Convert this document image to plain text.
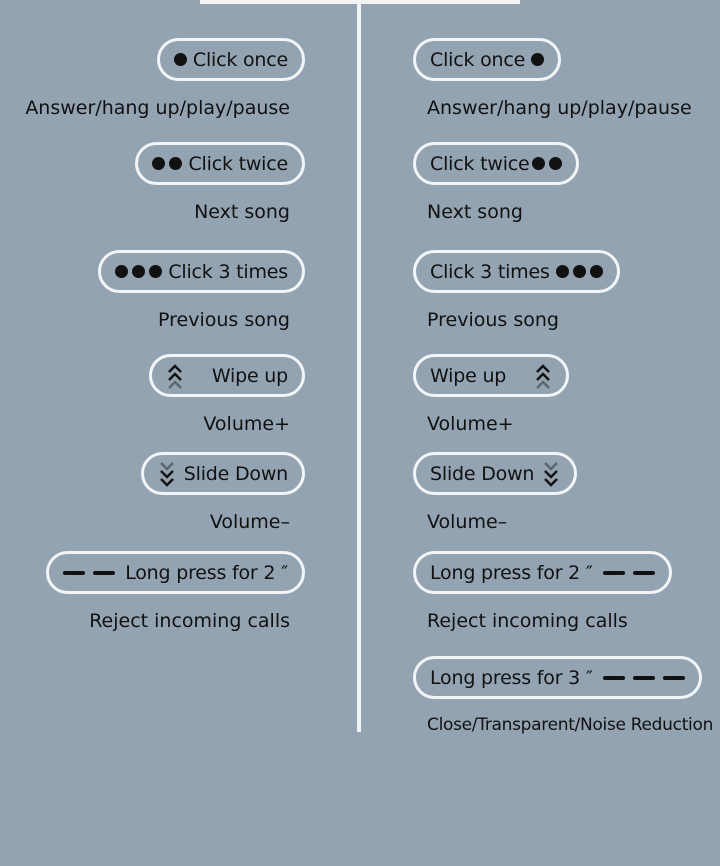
Click once
Answer/hang up/play/pause
Click twice
Next song
Click 3 times
Previous song
Wipe up
Volume+
Slide Down
Volume–
Long press for 2 ″
Reject incoming calls
Click once
Answer/hang up/play/pause
Click twice
Next song
Click 3 times
Previous song
Wipe up
Volume+
Slide Down
Volume–
Long press for 2 ″
Reject incoming calls
Long press for 3 ″
Close/Transparent/Noise Reduction
